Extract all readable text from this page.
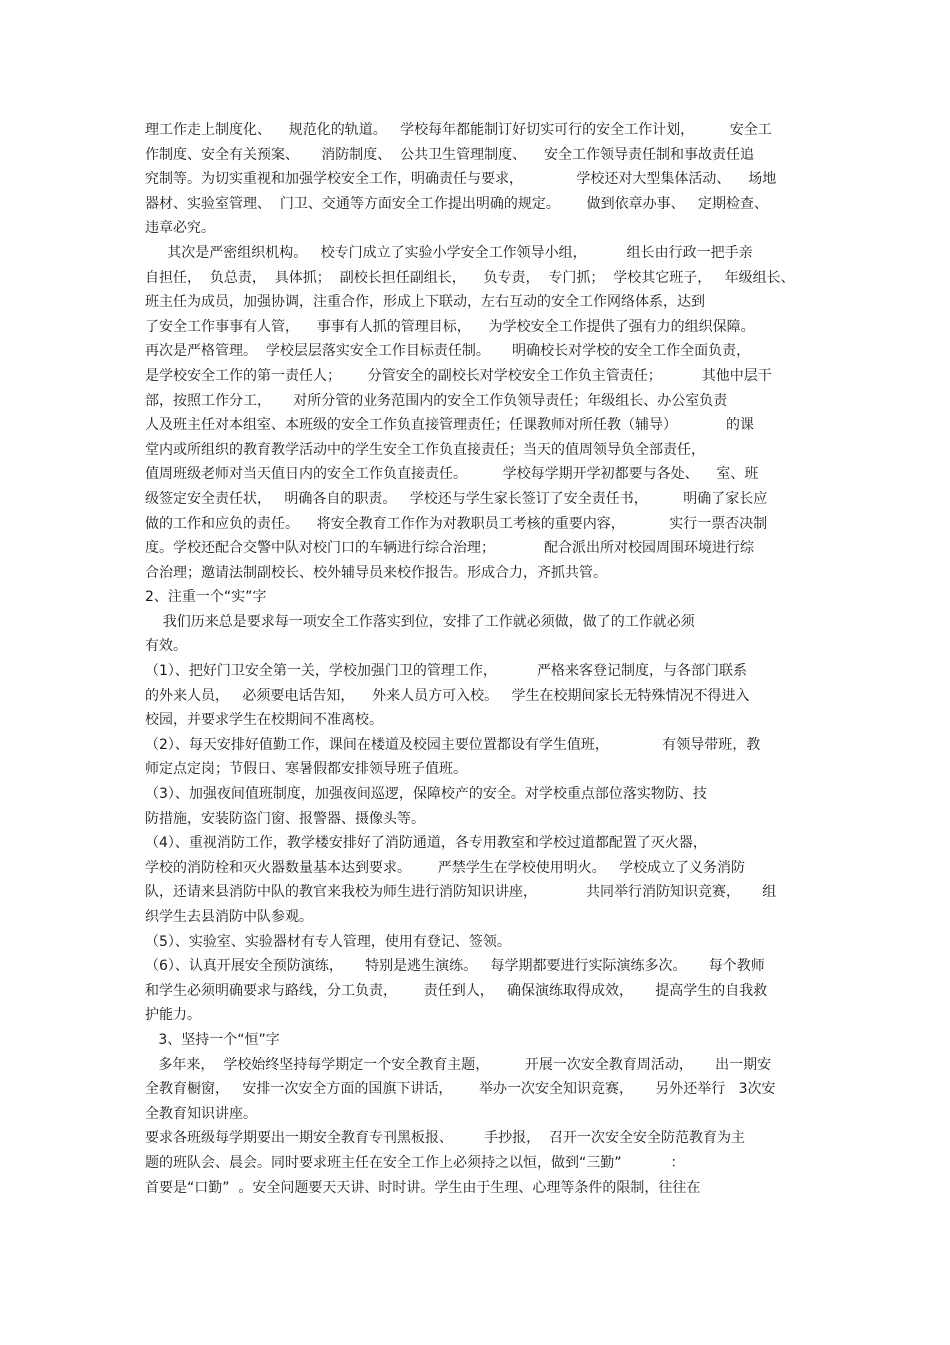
理工作走上制度化、    规范化的轨道。   学校每年都能制订好切实可行的安全工作计划，        安全工
作制度、安全有关预案、     消防制度、  公共卫生管理制度、    安全工作领导责任制和事故责任追
究制等。为切实重视和加强学校安全工作，明确责任与要求，            学校还对大型集体活动、    场地
器材、实验室管理、  门卫、交通等方面安全工作提出明确的规定。      做到依章办事、   定期检查、
违章必究。
其次是严密组织机构。   校专门成立了实验小学安全工作领导小组，         组长由行政一把手亲
自担任，  负总责，  具体抓；  副校长担任副组长，    负专责，  专门抓；  学校其它班子，   年级组长、
班主任为成员，加强协调，注重合作，形成上下联动，左右互动的安全工作网络体系，达到
了安全工作事事有人管，    事事有人抓的管理目标，    为学校安全工作提供了强有力的组织保障。
再次是严格管理。  学校层层落实安全工作目标责任制。     明确校长对学校的安全工作全面负责，
是学校安全工作的第一责任人；      分管安全的副校长对学校安全工作负主管责任；         其他中层干
部，按照工作分工，     对所分管的业务范围内的安全工作负领导责任；年级组长、办公室负责
人及班主任对本组室、本班级的安全工作负直接管理责任；任课教师对所任教（辅导）           的课
堂内或所组织的教育教学活动中的学生安全工作负直接责任；当天的值周领导负全部责任，
值周班级老师对当天值日内的安全工作负直接责任。        学校每学期开学初都要与各处、    室、班
级签定安全责任状，   明确各自的职责。   学校还与学生家长签订了安全责任书，        明确了家长应
做的工作和应负的责任。    将安全教育工作作为对教职员工考核的重要内容，          实行一票否决制
度。学校还配合交警中队对校门口的车辆进行综合治理；           配合派出所对校园周围环境进行综
合治理；邀请法制副校长、校外辅导员来校作报告。形成合力，齐抓共管。
2、注重一个“实”字
我们历来总是要求每一项安全工作落实到位，安排了工作就必须做，做了的工作就必须
有效。
（1）、把好门卫安全第一关，学校加强门卫的管理工作，         严格来客登记制度，与各部门联系
的外来人员，   必须要电话告知，    外来人员方可入校。   学生在校期间家长无特殊情况不得进入
校园，并要求学生在校期间不准离校。
（2）、每天安排好值勤工作，课间在楼道及校园主要位置都设有学生值班，            有领导带班，教
师定点定岗；节假日、寒暑假都安排领导班子值班。
（3）、加强夜间值班制度，加强夜间巡逻，保障校产的安全。对学校重点部位落实物防、技
防措施，安装防盗门窗、报警器、摄像头等。
（4）、重视消防工作，教学楼安排好了消防通道，各专用教室和学校过道都配置了灭火器，
学校的消防栓和灭火器数量基本达到要求。      严禁学生在学校使用明火。   学校成立了义务消防
队，还请来县消防中队的教官来我校为师生进行消防知识讲座，           共同举行消防知识竞赛，     组
织学生去县消防中队参观。
（5）、实验室、实验器材有专人管理，使用有登记、签领。
（6）、认真开展安全预防演练，     特别是逃生演练。   每学期都要进行实际演练多次。     每个教师
和学生必须明确要求与路线，分工负责，      责任到人，   确保演练取得成效，     提高学生的自我救
护能力。
3、坚持一个“恒”字
多年来，  学校始终坚持每学期定一个安全教育主题，        开展一次安全教育周活动，     出一期安
全教育橱窗，   安排一次安全方面的国旗下讲话，      举办一次安全知识竞赛，     另外还举行   3次安
全教育知识讲座。
要求各班级每学期要出一期安全教育专刊黑板报、       手抄报，  召开一次安全安全防范教育为主
题的班队会、晨会。同时要求班主任在安全工作上必须持之以恒，做到“三勤”           ：
首要是“口勤”  。安全问题要天天讲、时时讲。学生由于生理、心理等条件的限制，往往在
